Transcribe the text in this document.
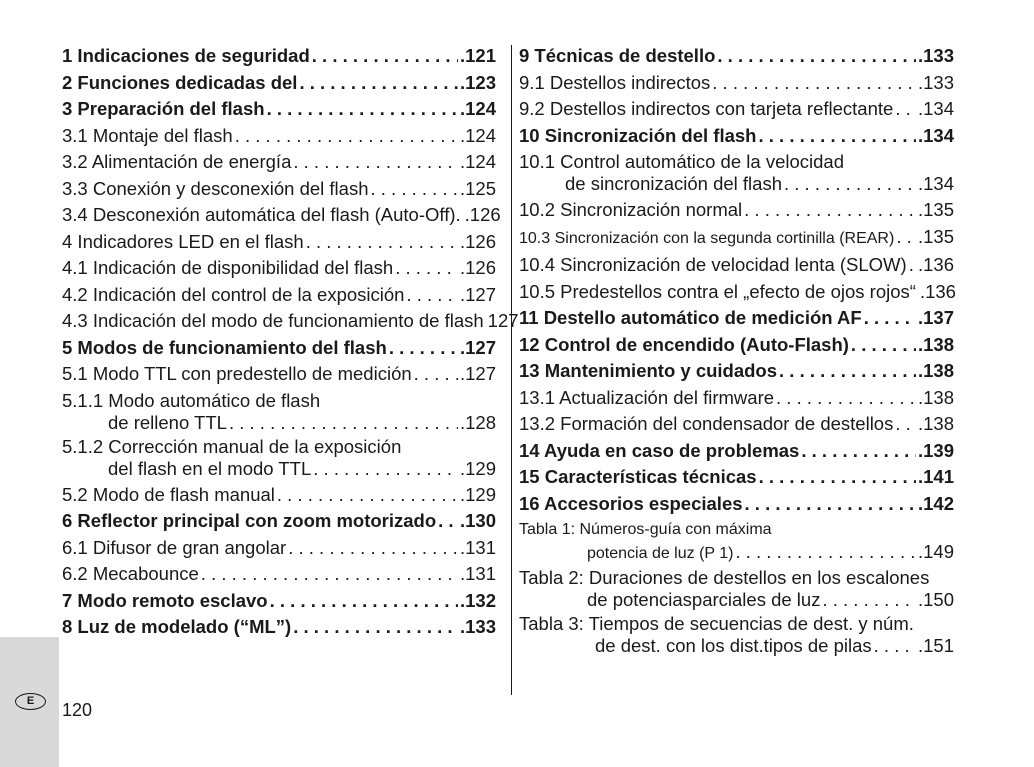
E	120
1 Indicaciones de seguridad . . .	.121
2 Funciones dedicadas del . . .	.123
3 Preparación del flash . . .	.124
3.1 Montaje del flash . . .	.124
3.2 Alimentación de energía . . .	.124
3.3 Conexión y desconexión del flash . . .	.125
3.4 Desconexión automática del flash (Auto-Off). .126
4 Indicadores LED en el flash . . .	.126
4.1 Indicación de disponibilidad del flash . . .	.126
4.2 Indicación del control de la exposición . . .	.127
4.3 Indicación del modo de funcionamiento de flash 127
5 Modos de funcionamiento del flash . . .	.127
5.1 Modo TTL con predestello de medición . . .	.127
5.1.1 Modo automático de flash
de relleno TTL . . .	.128
5.1.2 Corrección manual de la exposición
del flash en el modo TTL . . .	.129
5.2 Modo de flash manual . . .	.129
6 Reflector principal con zoom motorizado . . . .130
6.1 Difusor de gran angolar . . .	.131
6.2 Mecabounce . . .	.131
7 Modo remoto esclavo . . .	.132
8 Luz de modelado (“ML”) . . .	.133
9 Técnicas de destello . . .	.133
9.1 Destellos indirectos . . .	.133
9.2 Destellos indirectos con tarjeta reflectante . . . .134
10 Sincronización del flash . . .	.134
10.1 Control automático de la velocidad
de sincronización del flash . . .	.134
10.2 Sincronización normal . . .	.135
10.3 Sincronización con la segunda cortinilla (REAR) . . . .135
10.4 Sincronización de velocidad lenta (SLOW) . . . .136
10.5 Predestellos contra el „efecto de ojos rojos“ .136
11 Destello automático de medición AF . . .	.137
12 Control de encendido (Auto-Flash) . . .	.138
13 Mantenimiento y cuidados . . .	.138
13.1 Actualización del firmware . . .	.138
13.2 Formación del condensador de destellos . . . .138
14 Ayuda en caso de problemas . . .	.139
15 Características técnicas . . .	.141
16 Accesorios especiales . . .	.142
Tabla 1: Números-guía con máxima
potencia de luz (P 1) . . .	.149
Tabla 2: Duraciones de destellos en los escalones
de potenciasparciales de luz . . .	.150
Tabla 3: Tiempos de secuencias de dest. y núm.
de dest. con los dist.tipos de pilas . . .	.151
